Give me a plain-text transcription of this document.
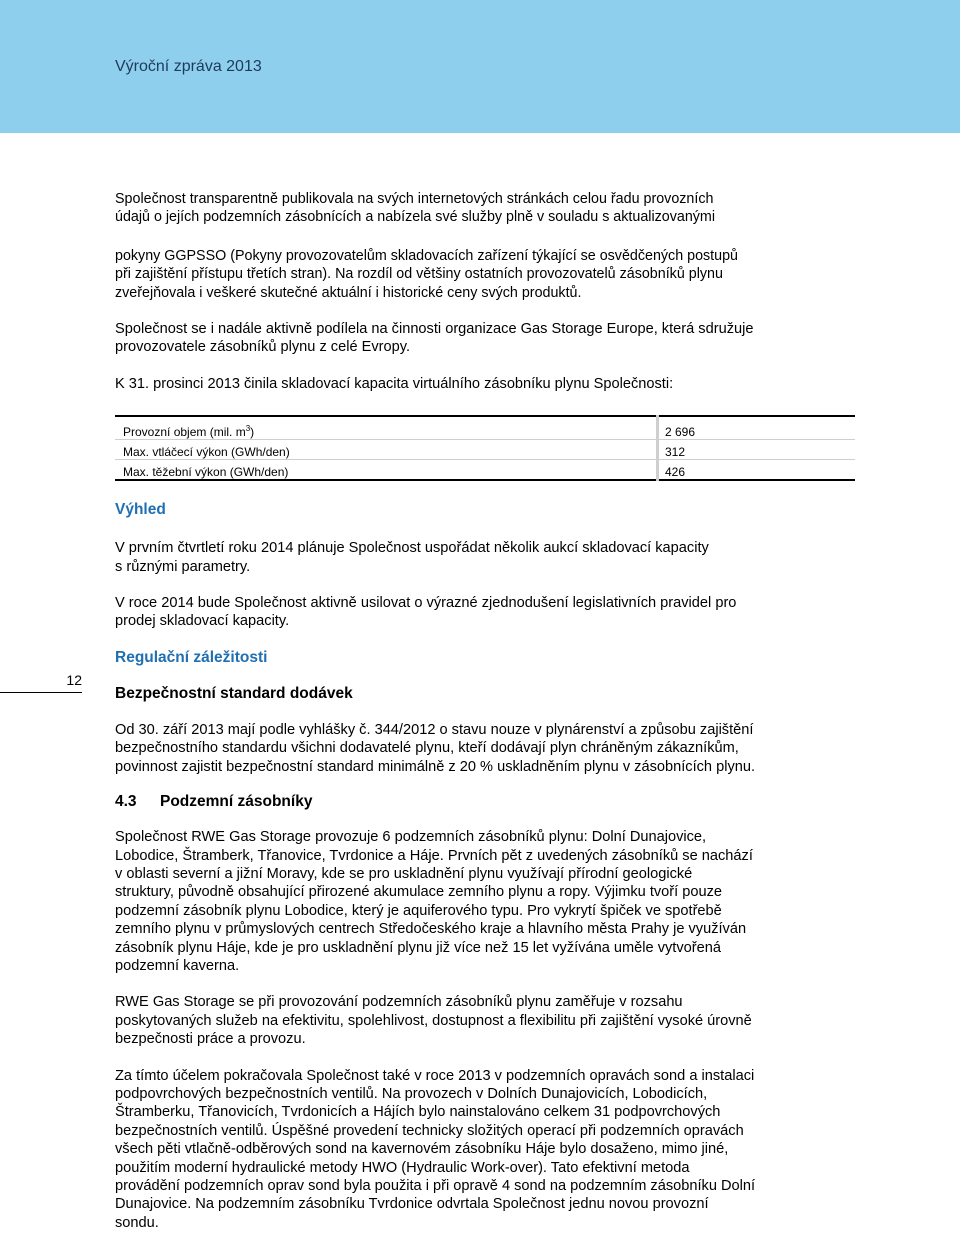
Výroční zpráva 2013
12
Společnost transparentně publikovala na svých internetových stránkách celou řadu provozních
údajů o jejích podzemních zásobnících a nabízela své služby plně v souladu s aktualizovanými
pokyny GGPSSO (Pokyny provozovatelům skladovacích zařízení týkající se osvědčených postupů
při zajištění přístupu třetích stran). Na rozdíl od většiny ostatních provozovatelů zásobníků plynu
zveřejňovala i veškeré skutečné aktuální i historické ceny svých produktů.
Společnost se i nadále aktivně podílela na činnosti organizace Gas Storage Europe, která sdružuje
provozovatele zásobníků plynu z celé Evropy.
K 31. prosinci 2013 činila skladovací kapacita virtuálního zásobníku plynu Společnosti:
Provozní objem (mil. $m^3$)	2 696
Max. vtláčecí výkon (GWh/den)	312
Max. těžební výkon (GWh/den)	426
Výhled
V prvním čtvrtletí roku 2014 plánuje Společnost uspořádat několik aukcí skladovací kapacity
s různými parametry.
V roce 2014 bude Společnost aktivně usilovat o výrazné zjednodušení legislativních pravidel pro
prodej skladovací kapacity.
Regulační záležitosti
Bezpečnostní standard dodávek
Od 30. září 2013 mají podle vyhlášky č. 344/2012 o stavu nouze v plynárenství a způsobu zajištění
bezpečnostního standardu všichni dodavatelé plynu, kteří dodávají plyn chráněným zákazníkům,
povinnost zajistit bezpečnostní standard minimálně z 20 % uskladněním plynu v zásobnících plynu.
4.3 Podzemní zásobníky
Společnost RWE Gas Storage provozuje 6 podzemních zásobníků plynu: Dolní Dunajovice,
Lobodice, Štramberk, Třanovice, Tvrdonice a Háje. Prvních pět z uvedených zásobníků se nachází
v oblasti severní a jižní Moravy, kde se pro uskladnění plynu využívají přírodní geologické
struktury, původně obsahující přirozené akumulace zemního plynu a ropy. Výjimku tvoří pouze
podzemní zásobník plynu Lobodice, který je aquiferového typu. Pro vykrytí špiček ve spotřebě
zemního plynu v průmyslových centrech Středočeského kraje a hlavního města Prahy je využíván
zásobník plynu Háje, kde je pro uskladnění plynu již více než 15 let vyžívána uměle vytvořená
podzemní kaverna.
RWE Gas Storage se při provozování podzemních zásobníků plynu zaměřuje v rozsahu
poskytovaných služeb na efektivitu, spolehlivost, dostupnost a flexibilitu při zajištění vysoké úrovně
bezpečnosti práce a provozu.
Za tímto účelem pokračovala Společnost také v roce 2013 v podzemních opravách sond a instalaci
podpovrchových bezpečnostních ventilů. Na provozech v Dolních Dunajovicích, Lobodicích,
Štramberku, Třanovicích, Tvrdonicích a Hájích bylo nainstalováno celkem 31 podpovrchových
bezpečnostních ventilů. Úspěšné provedení technicky složitých operací při podzemních opravách
všech pěti vtlačně-odběrových sond na kavernovém zásobníku Háje bylo dosaženo, mimo jiné,
použitím moderní hydraulické metody HWO (Hydraulic Work-over). Tato efektivní metoda
provádění podzemních oprav sond byla použita i při opravě 4 sond na podzemním zásobníku Dolní
Dunajovice. Na podzemním zásobníku Tvrdonice odvrtala Společnost jednu novou provozní
sondu.
